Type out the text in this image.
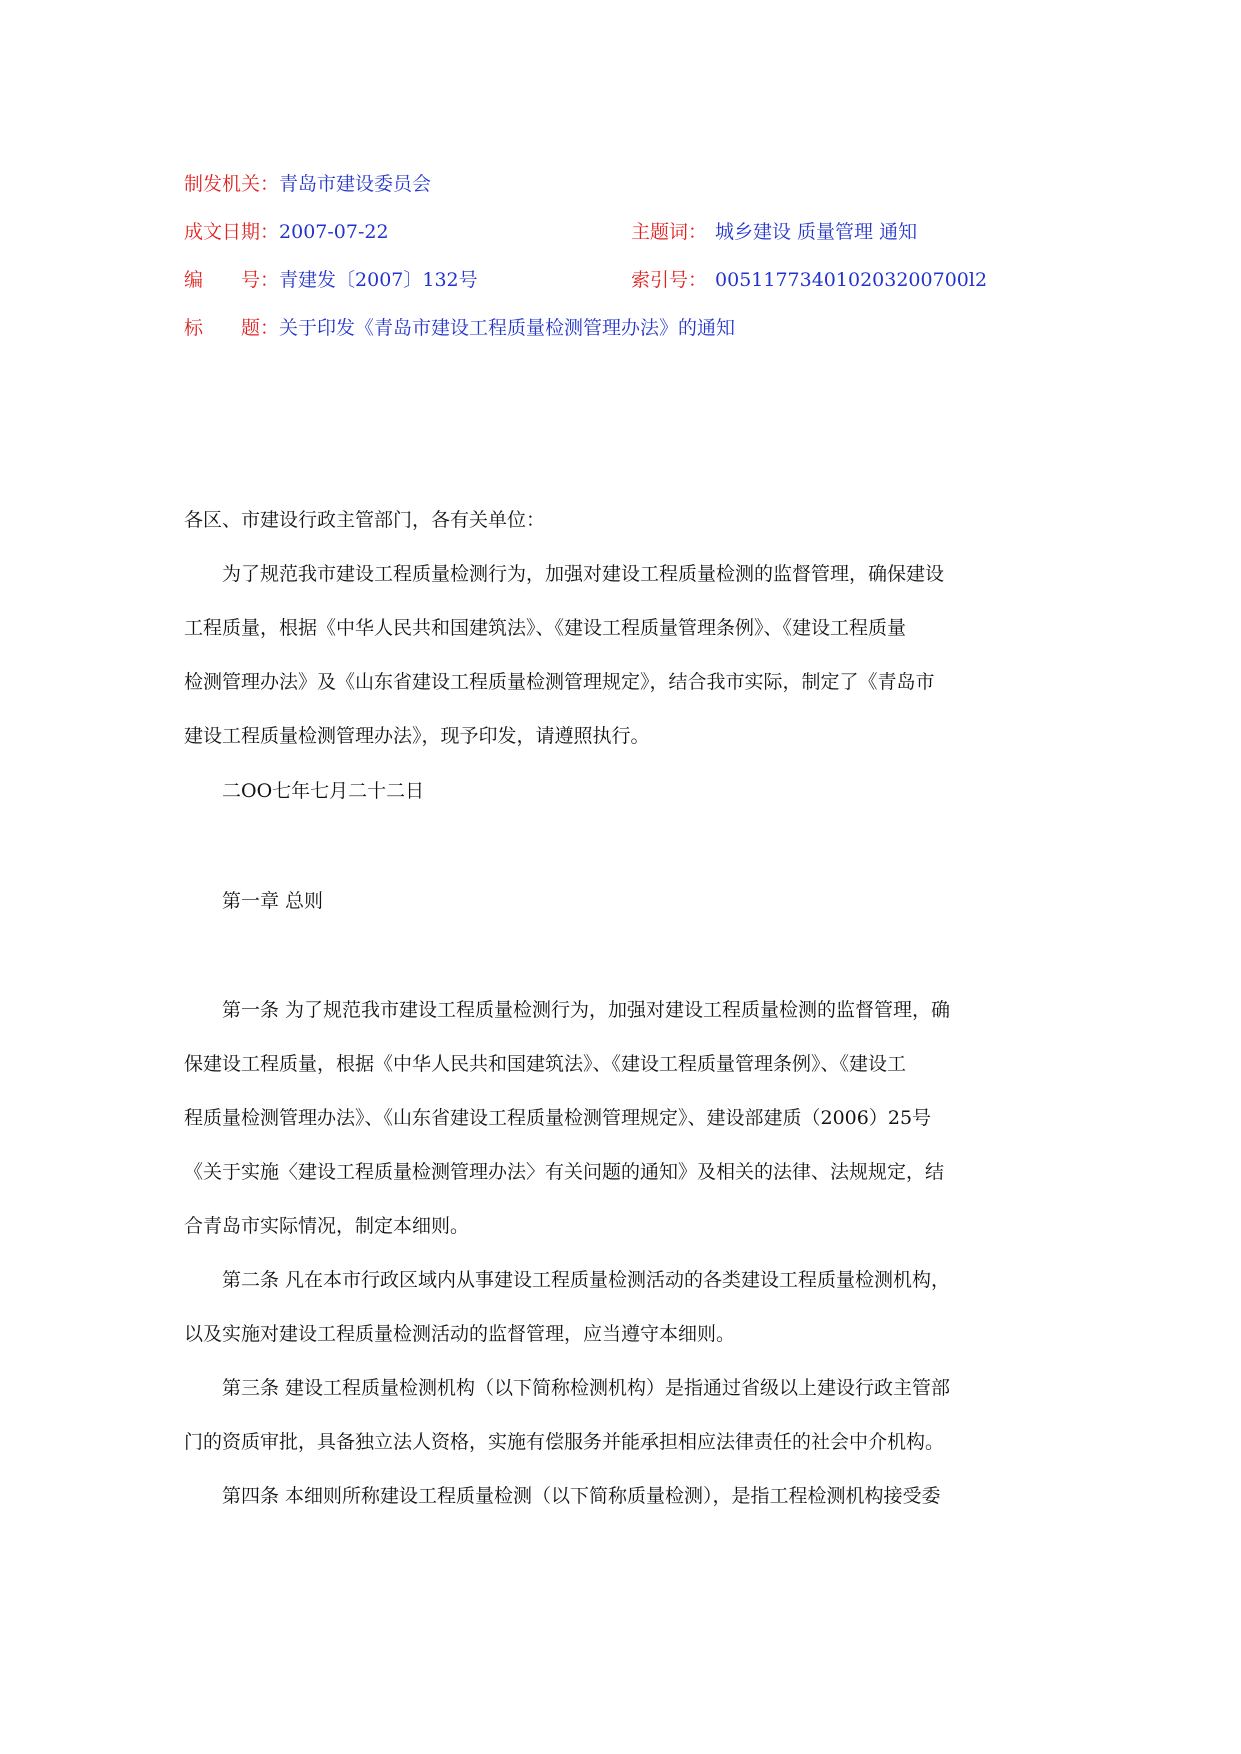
制发机关：青岛市建设委员会
成文日期：2007-07-22	主题词： 城乡建设 质量管理 通知
编　　号：青建发〔2007〕132号	索引号： 005117734010203200700l2
标　　题：关于印发《青岛市建设工程质量检测管理办法》的通知
各区、市建设行政主管部门，各有关单位：
　　为了规范我市建设工程质量检测行为，加强对建设工程质量检测的监督管理，确保建设
工程质量，根据《中华人民共和国建筑法》、《建设工程质量管理条例》、《建设工程质量
检测管理办法》及《山东省建设工程质量检测管理规定》，结合我市实际，制定了《青岛市
建设工程质量检测管理办法》，现予印发，请遵照执行。
　　二OO七年七月二十二日
　　第一章 总则
　　第一条 为了规范我市建设工程质量检测行为，加强对建设工程质量检测的监督管理，确
保建设工程质量，根据《中华人民共和国建筑法》、《建设工程质量管理条例》、《建设工
程质量检测管理办法》、《山东省建设工程质量检测管理规定》、建设部建质（2006）25号
《关于实施〈建设工程质量检测管理办法〉有关问题的通知》及相关的法律、法规规定，结
合青岛市实际情况，制定本细则。
　　第二条 凡在本市行政区域内从事建设工程质量检测活动的各类建设工程质量检测机构，
以及实施对建设工程质量检测活动的监督管理，应当遵守本细则。
　　第三条 建设工程质量检测机构（以下简称检测机构）是指通过省级以上建设行政主管部
门的资质审批，具备独立法人资格，实施有偿服务并能承担相应法律责任的社会中介机构。
　　第四条 本细则所称建设工程质量检测（以下简称质量检测），是指工程检测机构接受委
